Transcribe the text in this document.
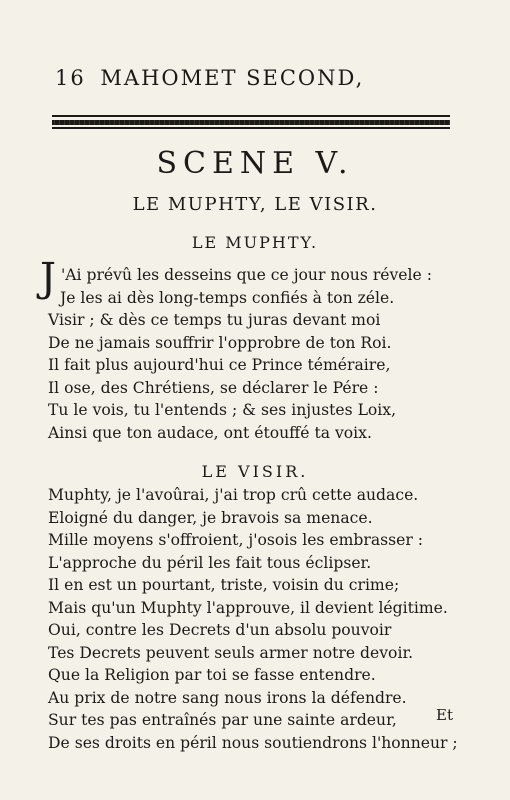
16 MAHOMET SECOND,
SCENE V.
LE MUPHTY, LE VISIR.
LE MUPHTY.
J 'Ai prévû les desseins que ce jour nous révele :
Je les ai dès long-temps confiés à ton zéle.
Visir ; & dès ce temps tu juras devant moi
De ne jamais souffrir l'opprobre de ton Roi.
Il fait plus aujourd'hui ce Prince téméraire,
Il ose, des Chrétiens, se déclarer le Pére :
Tu le vois, tu l'entends ; & ses injustes Loix,
Ainsi que ton audace, ont étouffé ta voix.
LE VISIR.
Muphty, je l'avoûrai, j'ai trop crû cette audace.
Eloigné du danger, je bravois sa menace.
Mille moyens s'offroient, j'osois les embrasser :
L'approche du péril les fait tous éclipser.
Il en est un pourtant, triste, voisin du crime;
Mais qu'un Muphty l'approuve, il devient légitime.
Oui, contre les Decrets d'un absolu pouvoir
Tes Decrets peuvent seuls armer notre devoir.
Que la Religion par toi se fasse entendre.
Au prix de notre sang nous irons la défendre.
Sur tes pas entraînés par une sainte ardeur,
De ses droits en péril nous soutiendrons l'honneur ;
Et
